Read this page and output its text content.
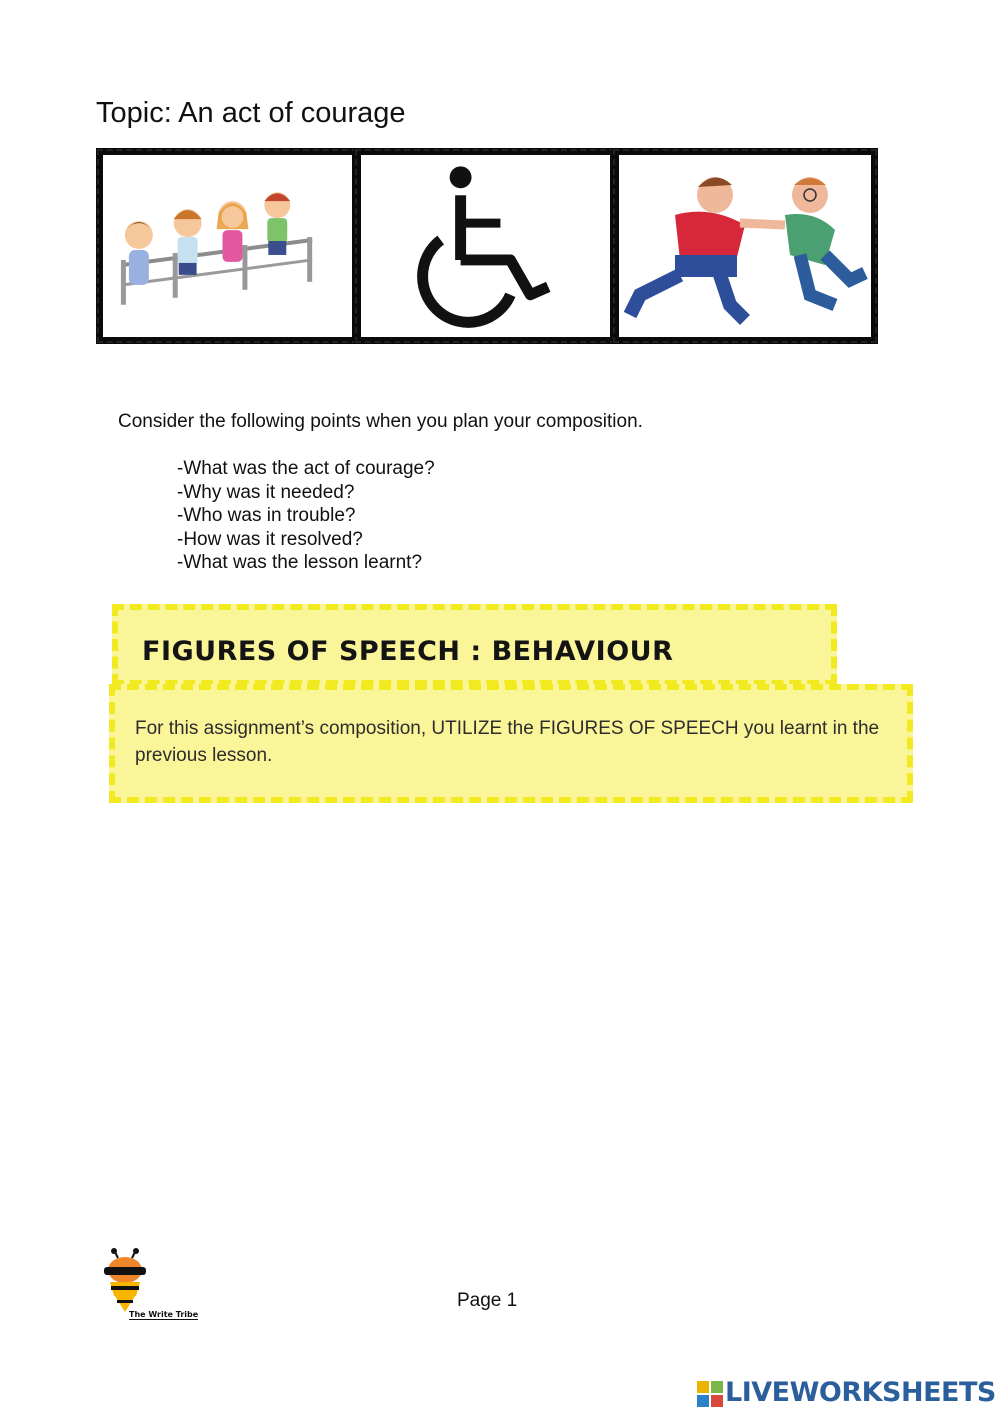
Topic: An act of courage
Consider the following points when you plan your composition.
-What was the act of courage?
-Why was it needed?
-Who was in trouble?
-How was it resolved?
-What was the lesson learnt?
FIGURES OF SPEECH : BEHAVIOUR
For this assignment’s composition, UTILIZE the FIGURES OF SPEECH you learnt in the previous lesson.
The Write Tribe
Page 1
LIVEWORKSHEETS
